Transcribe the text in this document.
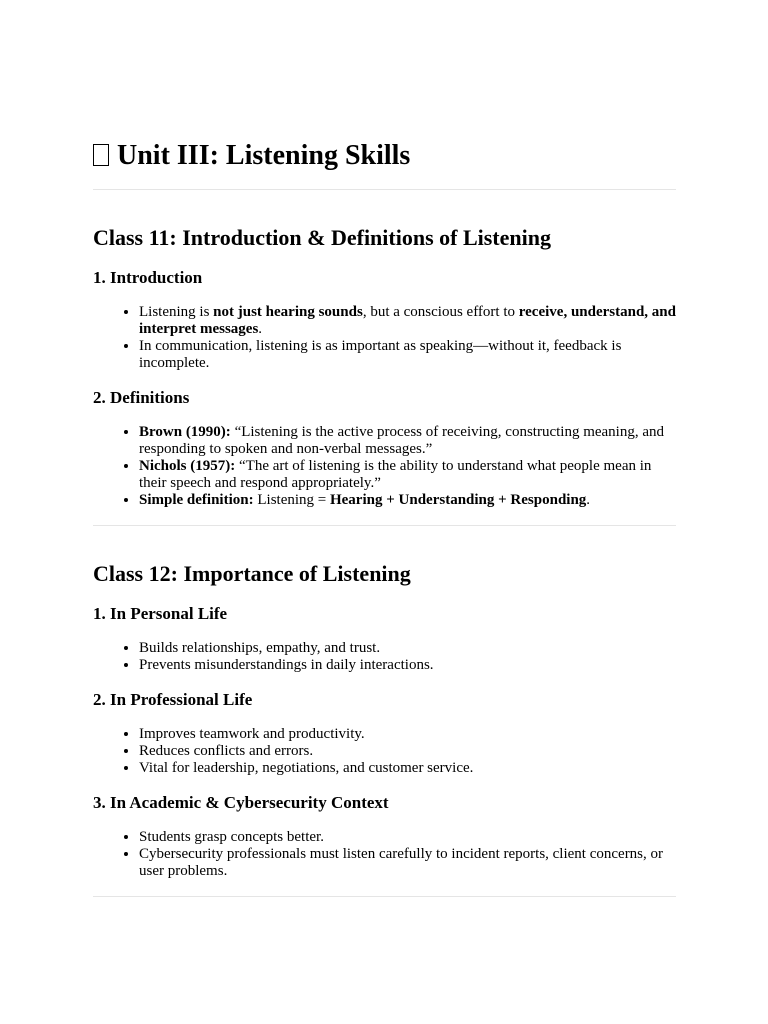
Unit III: Listening Skills
Class 11: Introduction & Definitions of Listening
1. Introduction
• Listening is not just hearing sounds, but a conscious effort to receive, understand, and interpret messages.
• In communication, listening is as important as speaking—without it, feedback is incomplete.
2. Definitions
• Brown (1990): “Listening is the active process of receiving, constructing meaning, and responding to spoken and non-verbal messages.”
• Nichols (1957): “The art of listening is the ability to understand what people mean in their speech and respond appropriately.”
• Simple definition: Listening = Hearing + Understanding + Responding.
Class 12: Importance of Listening
1. In Personal Life
• Builds relationships, empathy, and trust.
• Prevents misunderstandings in daily interactions.
2. In Professional Life
• Improves teamwork and productivity.
• Reduces conflicts and errors.
• Vital for leadership, negotiations, and customer service.
3. In Academic & Cybersecurity Context
• Students grasp concepts better.
• Cybersecurity professionals must listen carefully to incident reports, client concerns, or user problems.
